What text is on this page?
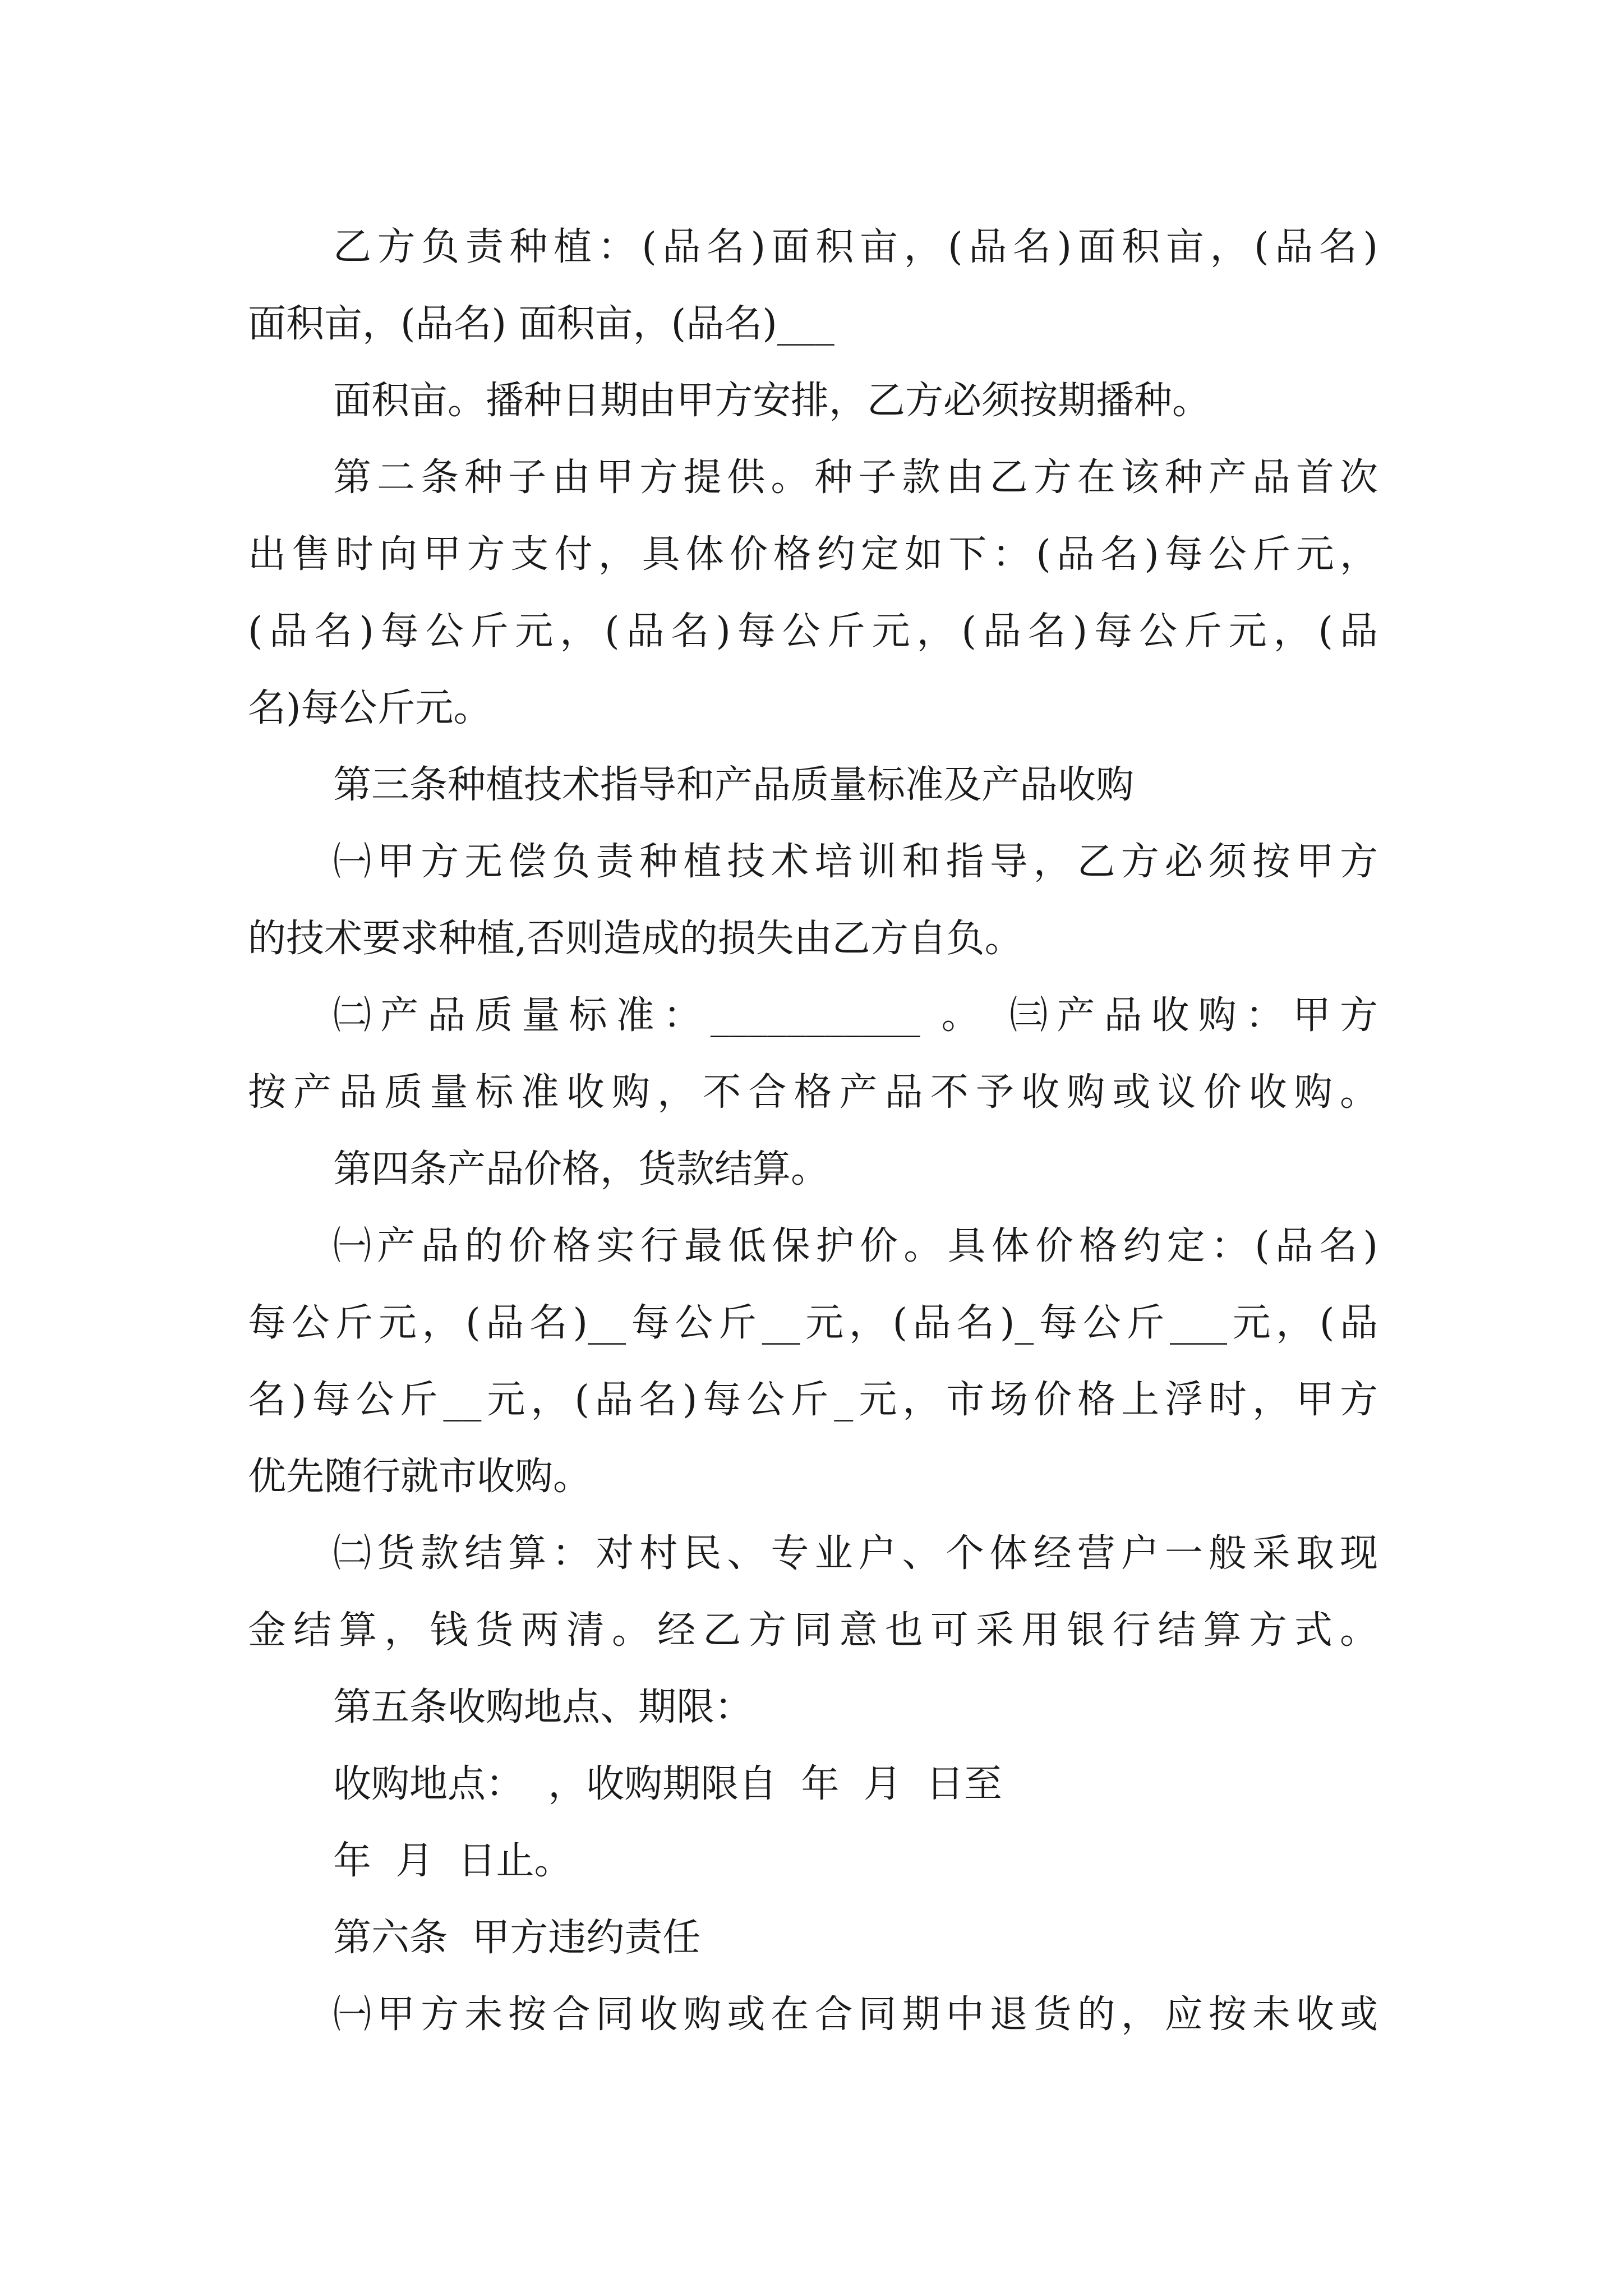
乙方负责种植：(品名)面积亩，(品名)面积亩，(品名)
面积亩，(品名) 面积亩，(品名)___
面积亩。播种日期由甲方安排，乙方必须按期播种。
第二条种子由甲方提供。种子款由乙方在该种产品首次
出售时向甲方支付，具体价格约定如下：(品名)每公斤元，
(品名)每公斤元，(品名)每公斤元，(品名)每公斤元，(品
名)每公斤元。
第三条种植技术指导和产品质量标准及产品收购
㈠甲方无偿负责种植技术培训和指导，乙方必须按甲方
的技术要求种植,否则造成的损失由乙方自负。
㈡产品质量标准：___________ 。 ㈢产品收购：甲方
按产品质量标准收购，不合格产品不予收购或议价收购。
第四条产品价格，货款结算。
㈠产品的价格实行最低保护价。具体价格约定：(品名)
每公斤元，(品名)__每公斤__元，(品名)_每公斤___元，(品
名)每公斤__元，(品名)每公斤_元，市场价格上浮时，甲方
优先随行就市收购。
㈡货款结算：对村民、专业户、个体经营户一般采取现
金结算，钱货两清。经乙方同意也可采用银行结算方式。
第五条收购地点、期限：
收购地点：  ，收购期限自  年  月  日至
年  月  日止。
第六条  甲方违约责任
㈠甲方未按合同收购或在合同期中退货的，应按未收或
